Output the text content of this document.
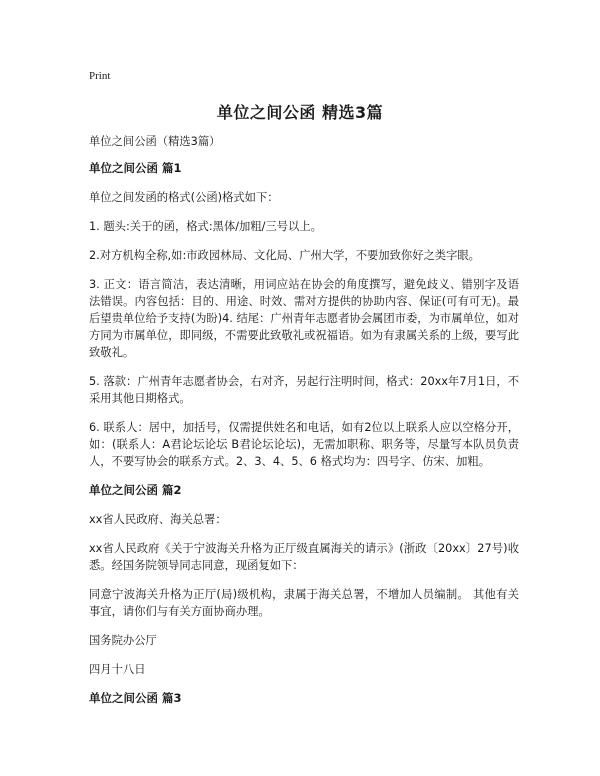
Print
单位之间公函 精选3篇

单位之间公函（精选3篇）

单位之间公函 篇1

单位之间发函的格式(公函)格式如下：

1. 题头:关于的函，格式:黑体/加粗/三号以上。

2.对方机构全称,如:市政园林局、文化局、广州大学，不要加致你好之类字眼。

3. 正文：语言简洁，表达清晰，用词应站在协会的角度撰写，避免歧义、错别字及语法错误。内容包括：目的、用途、时效、需对方提供的协助内容、保证(可有可无)。最后望贵单位给予支持(为盼)4. 结尾：广州青年志愿者协会属团市委，为市属单位，如对方同为市属单位，即同级，不需要此致敬礼或祝福语。如为有隶属关系的上级，要写此致敬礼。

5. 落款：广州青年志愿者协会，右对齐，另起行注明时间，格式：20xx年7月1日，不采用其他日期格式。

6. 联系人：居中，加括号，仅需提供姓名和电话，如有2位以上联系人应以空格分开，如：(联系人：A君论坛论坛 B君论坛论坛)，无需加职称、职务等，尽量写本队员负责人，不要写协会的联系方式。2、3、4、5、6 格式均为：四号字、仿宋、加粗。

单位之间公函 篇2

xx省人民政府、海关总署：

xx省人民政府《关于宁波海关升格为正厅级直属海关的请示》(浙政〔20xx〕27号)收悉。经国务院领导同志同意，现函复如下：

同意宁波海关升格为正厅(局)级机构，隶属于海关总署，不增加人员编制。 其他有关事宜，请你们与有关方面协商办理。

国务院办公厅

四月十八日

单位之间公函 篇3
